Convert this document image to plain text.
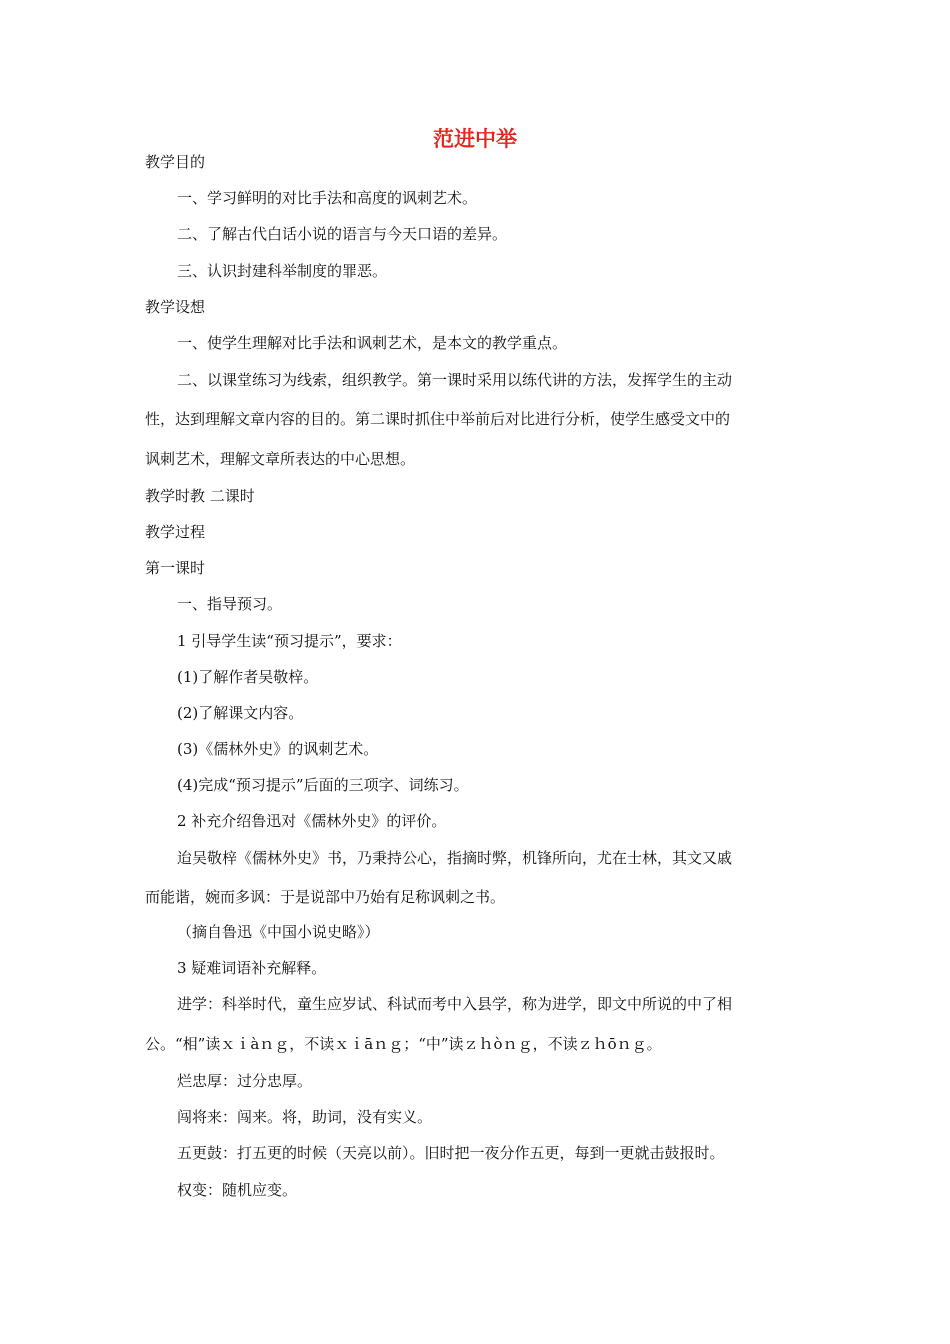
范进中举
教学目的
一、学习鲜明的对比手法和高度的讽刺艺术。
二、了解古代白话小说的语言与今天口语的差异。
三、认识封建科举制度的罪恶。
教学设想
一、使学生理解对比手法和讽刺艺术，是本文的教学重点。
二、以课堂练习为线索，组织教学。第一课时采用以练代讲的方法，发挥学生的主动
性，达到理解文章内容的目的。第二课时抓住中举前后对比进行分析，使学生感受文中的
讽刺艺术，理解文章所表达的中心思想。
教学时教 二课时
教学过程
第一课时
一、指导预习。
1 引导学生读“预习提示”，要求：
(1)了解作者吴敬梓。
(2)了解课文内容。
(3)《儒林外史》的讽刺艺术。
(4)完成“预习提示”后面的三项字、词练习。
2 补充介绍鲁迅对《儒林外史》的评价。
迨吴敬梓《儒林外史》书，乃秉持公心，指摘时弊，机锋所向，尤在士林，其文又戚
而能谐，婉而多讽：于是说部中乃始有足称讽刺之书。
（摘自鲁迅《中国小说史略》）
3 疑难词语补充解释。
进学：科举时代，童生应岁试、科试而考中入县学，称为进学，即文中所说的中了相
公。“相”读ｘｉàｎｇ，不读ｘｉāｎｇ；“中”读ｚｈòｎｇ，不读ｚｈōｎｇ。
烂忠厚：过分忠厚。
闯将来：闯来。将，助词，没有实义。
五更鼓：打五更的时候（天亮以前）。旧时把一夜分作五更，每到一更就击鼓报时。
权变：随机应变。
